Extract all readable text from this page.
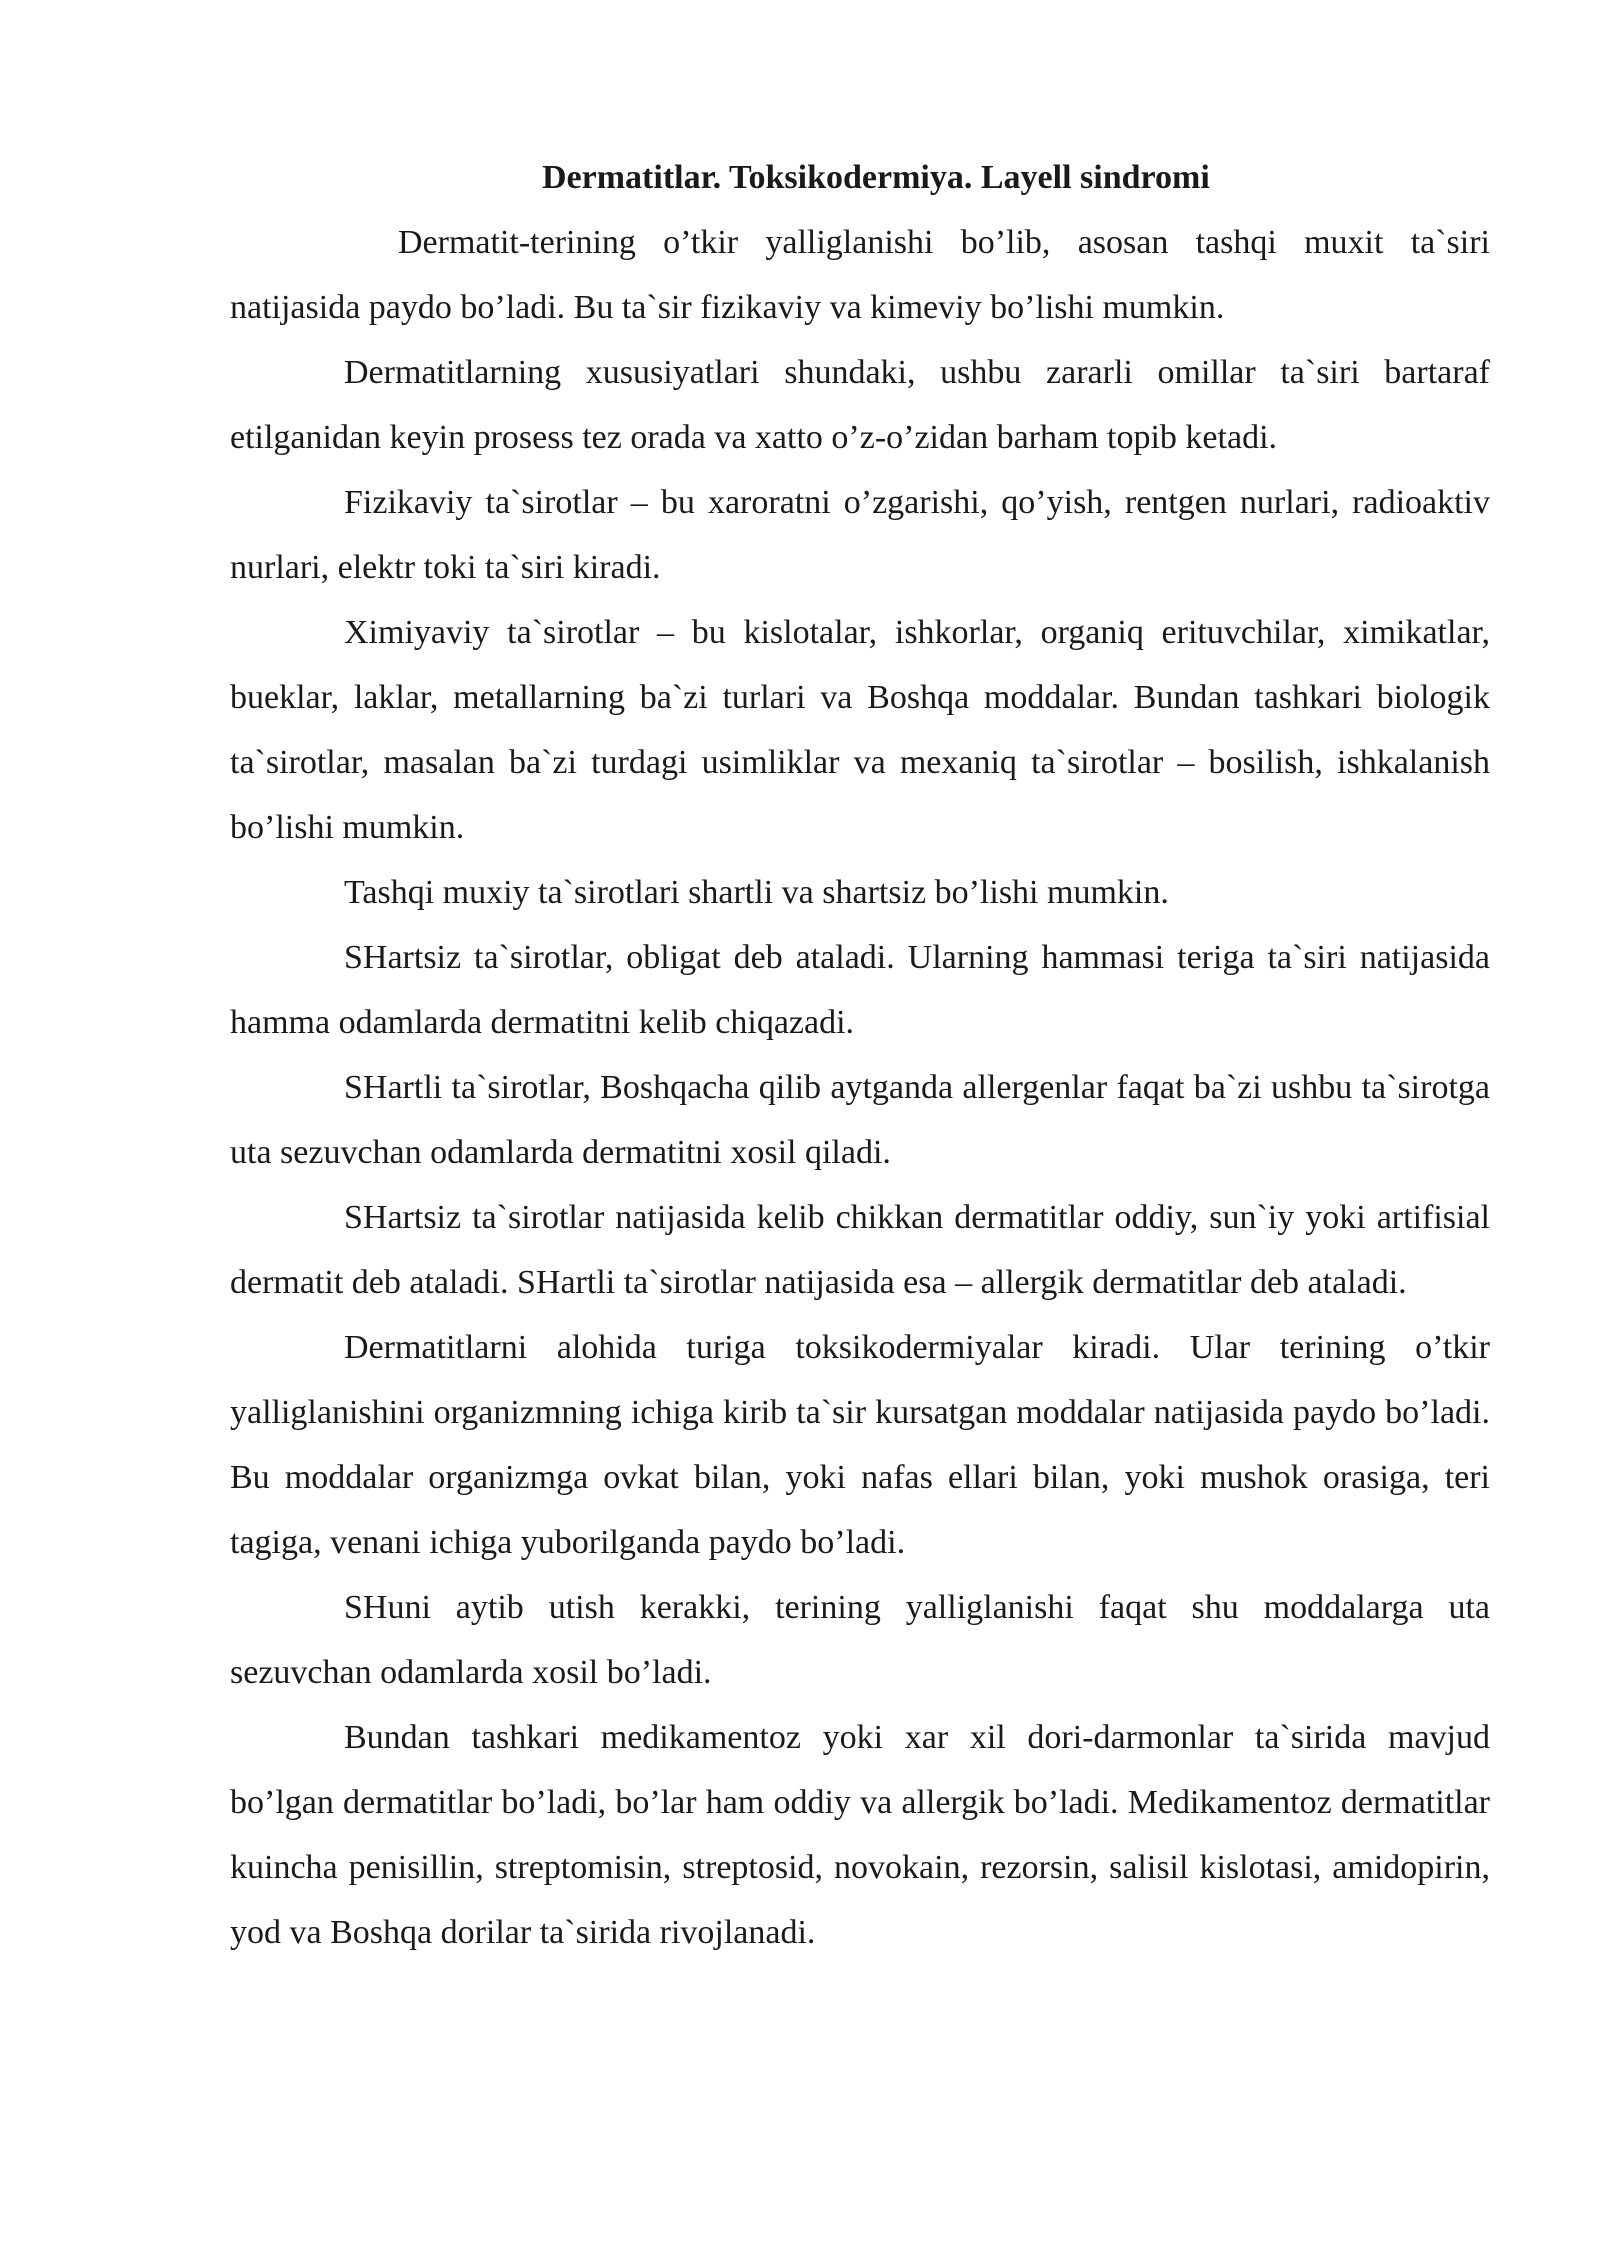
Dermatitlar. Toksikodermiya. Layell sindromi

Dermatit-terining o’tkir yalliglanishi bo’lib, asosan tashqi muxit ta`siri natijasida paydo bo’ladi. Bu ta`sir fizikaviy va kimeviy bo’lishi mumkin.

Dermatitlarning xususiyatlari shundaki, ushbu zararli omillar ta`siri bartaraf etilganidan keyin prosess tez orada va xatto o’z-o’zidan barham topib ketadi.

Fizikaviy ta`sirotlar – bu xaroratni o’zgarishi, qo’yish, rentgen nurlari, radioaktiv nurlari, elektr toki ta`siri kiradi.

Ximiyaviy ta`sirotlar – bu kislotalar, ishkorlar, organiq erituvchilar, ximikatlar, bueklar, laklar, metallarning ba`zi turlari va Boshqa moddalar. Bundan tashkari biologik ta`sirotlar, masalan ba`zi turdagi usimliklar va mexaniq ta`sirotlar – bosilish, ishkalanish bo’lishi mumkin.

Tashqi muxiy ta`sirotlari shartli va shartsiz bo’lishi mumkin.

SHartsiz ta`sirotlar, obligat deb ataladi. Ularning hammasi teriga ta`siri natijasida hamma odamlarda dermatitni kelib chiqazadi.

SHartli ta`sirotlar, Boshqacha qilib aytganda allergenlar faqat ba`zi ushbu ta`sirotga uta sezuvchan odamlarda dermatitni xosil qiladi.

SHartsiz ta`sirotlar natijasida kelib chikkan dermatitlar oddiy, sun`iy yoki artifisial dermatit deb ataladi. SHartli ta`sirotlar natijasida esa – allergik dermatitlar deb ataladi.

Dermatitlarni alohida turiga toksikodermiyalar kiradi. Ular terining o’tkir yalliglanishini organizmning ichiga kirib ta`sir kursatgan moddalar natijasida paydo bo’ladi. Bu moddalar organizmga ovkat bilan, yoki nafas ellari bilan, yoki mushok orasiga, teri tagiga, venani ichiga yuborilganda paydo bo’ladi.

SHuni aytib utish kerakki, terining yalliglanishi faqat shu moddalarga uta sezuvchan odamlarda xosil bo’ladi.

Bundan tashkari medikamentoz yoki xar xil dori-darmonlar ta`sirida mavjud bo’lgan dermatitlar bo’ladi, bo’lar ham oddiy va allergik bo’ladi. Medikamentoz dermatitlar kuincha penisillin, streptomisin, streptosid, novokain, rezorsin, salisil kislotasi, amidopirin, yod va Boshqa dorilar ta`sirida rivojlanadi.
